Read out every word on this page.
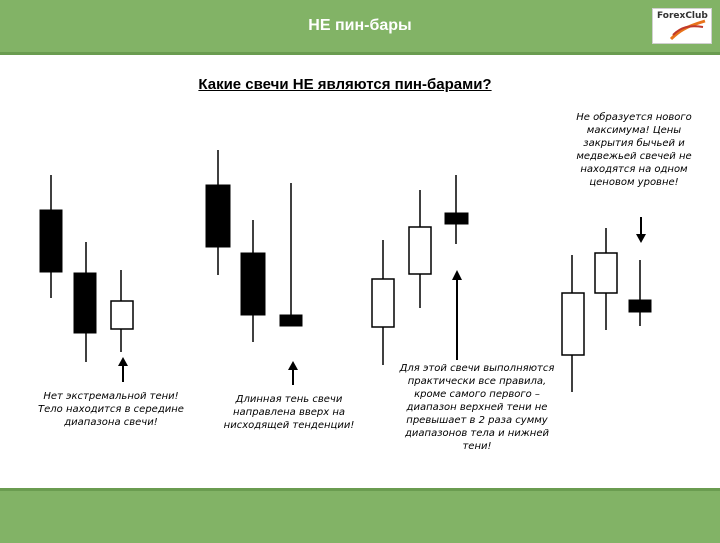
НЕ пин-бары
ForexClub
Какие свечи НЕ являются пин-барами?
Нет экстремальной тени! Тело находится в середине диапазона свечи!
Длинная тень свечи направлена вверх на нисходящей тенденции!
Для этой свечи выполняются практически все правила, кроме самого первого – диапазон верхней тени не превышает в 2 раза сумму диапазонов тела и нижней тени!
Не образуется нового максимума! Цены закрытия бычьей и медвежьей свечей не находятся на одном ценовом уровне!
